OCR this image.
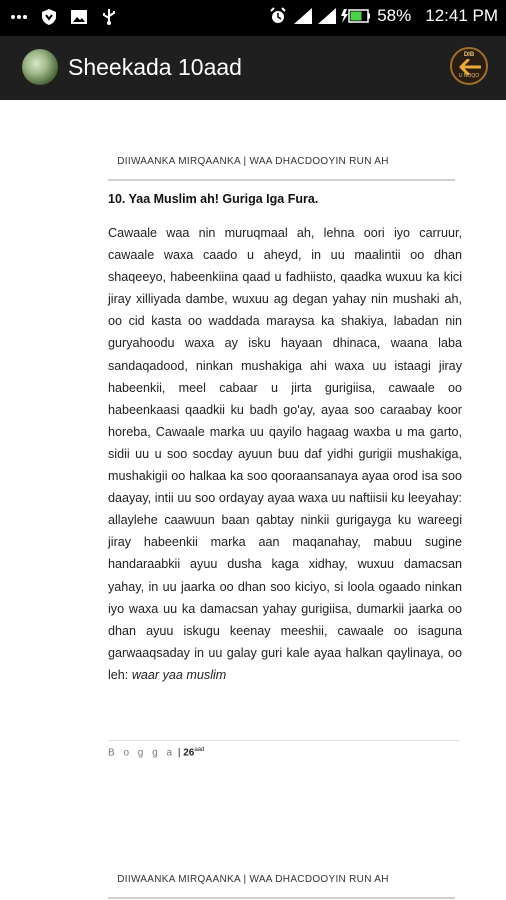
58% 12:41 PM
Sheekada 10aad	DIB
U NOQO
DIIWAANKA MIRQAANKA | WAA DHACDOOYIN RUN AH
10. Yaa Muslim ah! Guriga Iga Fura.
Cawaale waa nin muruqmaal ah, lehna oori iyo carruur, cawaale waxa caado u aheyd, in uu maalintii oo dhan shaqeeyo, habeenkiina qaad u fadhiisto, qaadka wuxuu ka kici jiray xilliyada dambe, wuxuu ag degan yahay nin mushaki ah, oo cid kasta oo waddada maraysa ka shakiya, labadan nin guryahoodu waxa ay isku hayaan dhinaca, waana laba sandaqadood, ninkan mushakiga ahi waxa uu istaagi jiray habeenkii, meel cabaar u jirta gurigiisa, cawaale oo habeenkaasi qaadkii ku badh go'ay, ayaa soo caraabay koor horeba, Cawaale marka uu qayilo hagaag waxba u ma garto, sidii uu u soo socday ayuun buu daf yidhi gurigii mushakiga, mushakigii oo halkaa ka soo qooraansanaya ayaa orod isa soo daayay, intii uu soo ordayay ayaa waxa uu naftiisii ku leeyahay: allaylehe caawuun baan qabtay ninkii gurigayga ku wareegi jiray habeenkii marka aan maqanahay, mabuu sugine handaraabkii ayuu dusha kaga xidhay, wuxuu damacsan yahay, in uu jaarka oo dhan soo kiciyo, si loola ogaado ninkan iyo waxa uu ka damacsan yahay gurigiisa, dumarkii jaarka oo dhan ayuu iskugu keenay meeshii, cawaale oo isaguna garwaaqsaday in uu galay guri kale ayaa halkan qaylinaya, oo leh: waar yaa muslim
B o g g a | $26^{aad}$
DIIWAANKA MIRQAANKA | WAA DHACDOOYIN RUN AH
